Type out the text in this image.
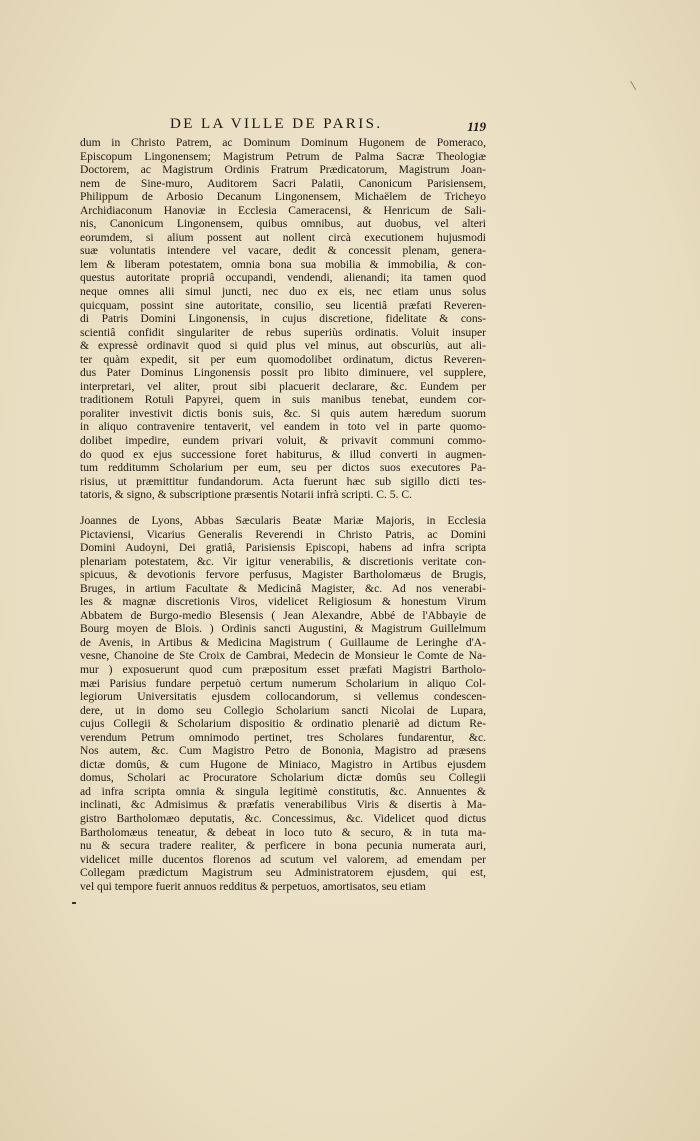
DE LA VILLE DE PARIS.	119
dum in Christo Patrem, ac Dominum Dominum Hugonem de Pomeraco,
Episcopum Lingonensem; Magistrum Petrum de Palma Sacræ Theologiæ
Doctorem, ac Magistrum Ordinis Fratrum Prædicatorum, Magistrum Joan-
nem de Sine-muro, Auditorem Sacri Palatii, Canonicum Parisiensem,
Philippum de Arbosio Decanum Lingonensem, Michaëlem de Tricheyo
Archidiaconum Hanoviæ in Ecclesia Cameracensi, & Henricum de Sali-
nis, Canonicum Lingonensem, quibus omnibus, aut duobus, vel alteri
eorumdem, si alium possent aut nollent circà executionem hujusmodi
suæ voluntatis intendere vel vacare, dedit & concessit plenam, genera-
lem & liberam potestatem, omnia bona sua mobilia & immobilia, & con-
questus autoritate propriâ occupandi, vendendi, alienandi; ita tamen quod
neque omnes alii simul juncti, nec duo ex eis, nec etiam unus solus
quicquam, possint sine autoritate, consilio, seu licentiâ præfati Reveren-
di Patris Domini Lingonensis, in cujus discretione, fidelitate & cons-
scientiâ confidit singulariter de rebus superiùs ordinatis. Voluit insuper
& expressè ordinavit quod si quid plus vel minus, aut obscuriùs, aut ali-
ter quàm expedit, sit per eum quomodolibet ordinatum, dictus Reveren-
dus Pater Dominus Lingonensis possit pro libito diminuere, vel supplere,
interpretari, vel aliter, prout sibi placuerit declarare, &c. Eundem per
traditionem Rotuli Papyrei, quem in suis manibus tenebat, eundem cor-
poraliter investivit dictis bonis suis, &c. Si quis autem hæredum suorum
in aliquo contravenire tentaverit, vel eandem in toto vel in parte quomo-
dolibet impedire, eundem privari voluit, & privavit communi commo-
do quod ex ejus successione foret habiturus, & illud converti in augmen-
tum redditumm Scholarium per eum, seu per dictos suos executores Pa-
risius, ut præmittitur fundandorum. Acta fuerunt hæc sub sigillo dicti tes-
tatoris, & signo, & subscriptione præsentis Notarii infrà scripti. C. 5. C.
Joannes de Lyons, Abbas Sæcularis Beatæ Mariæ Majoris, in Ecclesia
Pictaviensi, Vicarius Generalis Reverendi in Christo Patris, ac Domini
Domini Audoyni, Dei gratiâ, Parisiensis Episcopi, habens ad infra scripta
plenariam potestatem, &c. Vir igitur venerabilis, & discretionis veritate con-
spicuus, & devotionis fervore perfusus, Magister Bartholomæus de Brugis,
Bruges, in artium Facultate & Medicinâ Magister, &c. Ad nos venerabi-
les & magnæ discretionis Viros, videlicet Religiosum & honestum Virum
Abbatem de Burgo-medio Blesensis ( Jean Alexandre, Abbé de l'Abbayie de
Bourg moyen de Blois. ) Ordinis sancti Augustini, & Magistrum Guillelmum
de Avenis, in Artibus & Medicina Magistrum ( Guillaume de Leringhe d'A-
vesne, Chanoine de Ste Croix de Cambrai, Medecin de Monsieur le Comte de Na-
mur ) exposuerunt quod cum præpositum esset præfati Magistri Bartholo-
mæi Parisius fundare perpetuò certum numerum Scholarium in aliquo Col-
legiorum Universitatis ejusdem collocandorum, si vellemus condescen-
dere, ut in domo seu Collegio Scholarium sancti Nicolai de Lupara,
cujus Collegii & Scholarium dispositio & ordinatio plenariè ad dictum Re-
verendum Petrum omnimodo pertinet, tres Scholares fundarentur, &c.
Nos autem, &c. Cum Magistro Petro de Bononia, Magistro ad præsens
dictæ domûs, & cum Hugone de Miniaco, Magistro in Artibus ejusdem
domus, Scholari ac Procuratore Scholarium dictæ domûs seu Collegii
ad infra scripta omnia & singula legitimè constitutis, &c. Annuentes &
inclinati, &c Admisimus & præfatis venerabilibus Viris & disertis à Ma-
gistro Bartholomæo deputatis, &c. Concessimus, &c. Videlicet quod dictus
Bartholomæus teneatur, & debeat in loco tuto & securo, & in tuta ma-
nu & secura tradere realiter, & perficere in bona pecunia numerata auri,
videlicet mille ducentos florenos ad scutum vel valorem, ad emendam per
Collegam prædictum Magistrum seu Administratorem ejusdem, qui est,
vel qui tempore fuerit annuos redditus & perpetuos, amortisatos, seu etiam
